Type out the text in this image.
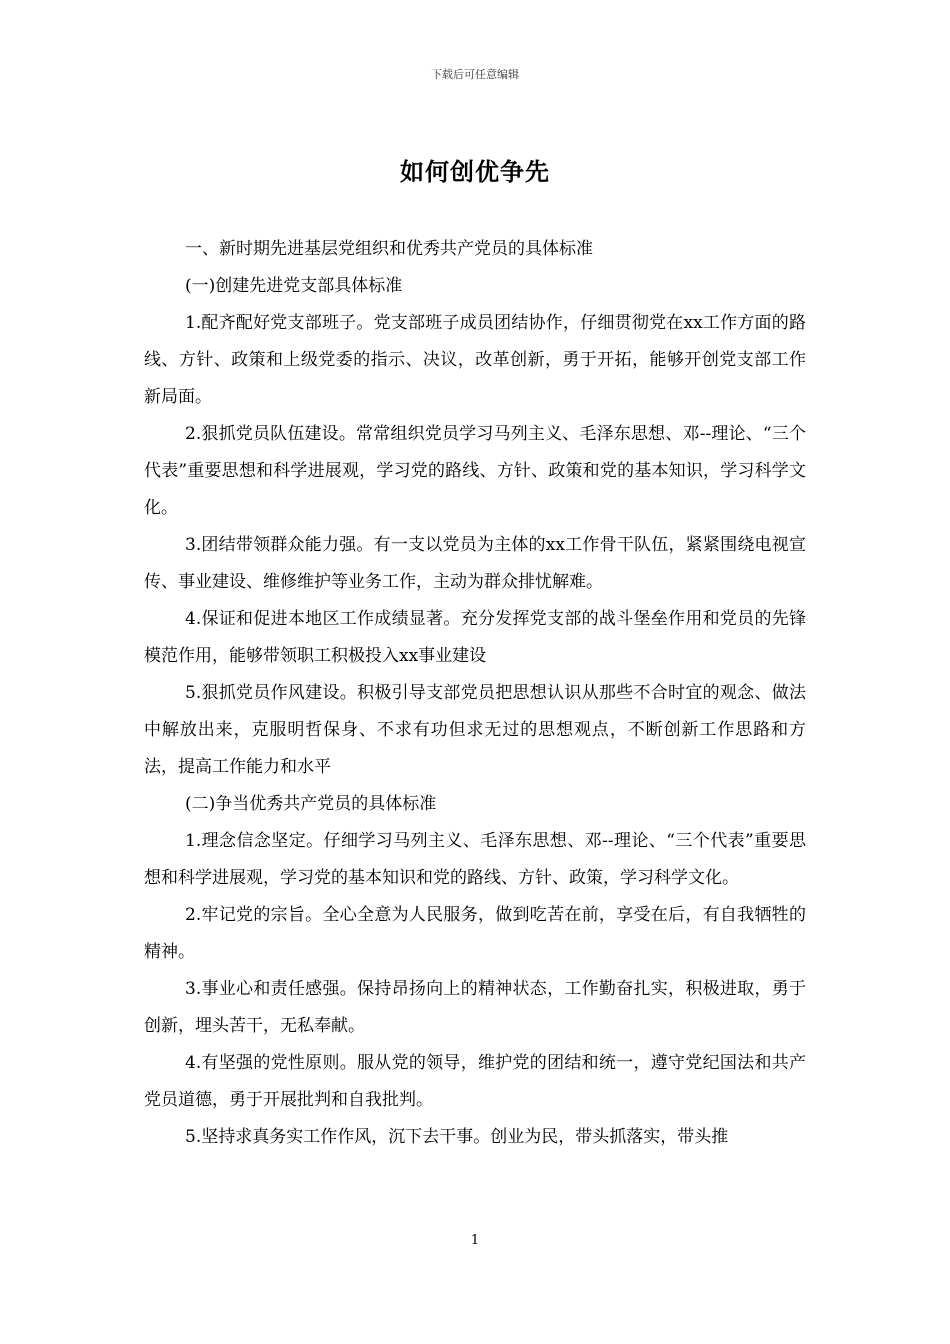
下载后可任意编辑
如何创优争先

一、新时期先进基层党组织和优秀共产党员的具体标准

(一)创建先进党支部具体标准

1.配齐配好党支部班子。党支部班子成员团结协作，仔细贯彻党在xx工作方面的路线、方针、政策和上级党委的指示、决议，改革创新，勇于开拓，能够开创党支部工作新局面。

2.狠抓党员队伍建设。常常组织党员学习马列主义、毛泽东思想、邓--理论、“三个代表”重要思想和科学进展观，学习党的路线、方针、政策和党的基本知识，学习科学文化。

3.团结带领群众能力强。有一支以党员为主体的xx工作骨干队伍，紧紧围绕电视宣传、事业建设、维修维护等业务工作，主动为群众排忧解难。

4.保证和促进本地区工作成绩显著。充分发挥党支部的战斗堡垒作用和党员的先锋模范作用，能够带领职工积极投入xx事业建设

5.狠抓党员作风建设。积极引导支部党员把思想认识从那些不合时宜的观念、做法中解放出来，克服明哲保身、不求有功但求无过的思想观点，不断创新工作思路和方法，提高工作能力和水平

(二)争当优秀共产党员的具体标准

1.理念信念坚定。仔细学习马列主义、毛泽东思想、邓--理论、“三个代表”重要思想和科学进展观，学习党的基本知识和党的路线、方针、政策，学习科学文化。

2.牢记党的宗旨。全心全意为人民服务，做到吃苦在前，享受在后，有自我牺牲的精神。

3.事业心和责任感强。保持昂扬向上的精神状态，工作勤奋扎实，积极进取，勇于创新，埋头苦干，无私奉献。

4.有坚强的党性原则。服从党的领导，维护党的团结和统一，遵守党纪国法和共产党员道德，勇于开展批判和自我批判。

5.坚持求真务实工作作风，沉下去干事。创业为民，带头抓落实，带头推

1
